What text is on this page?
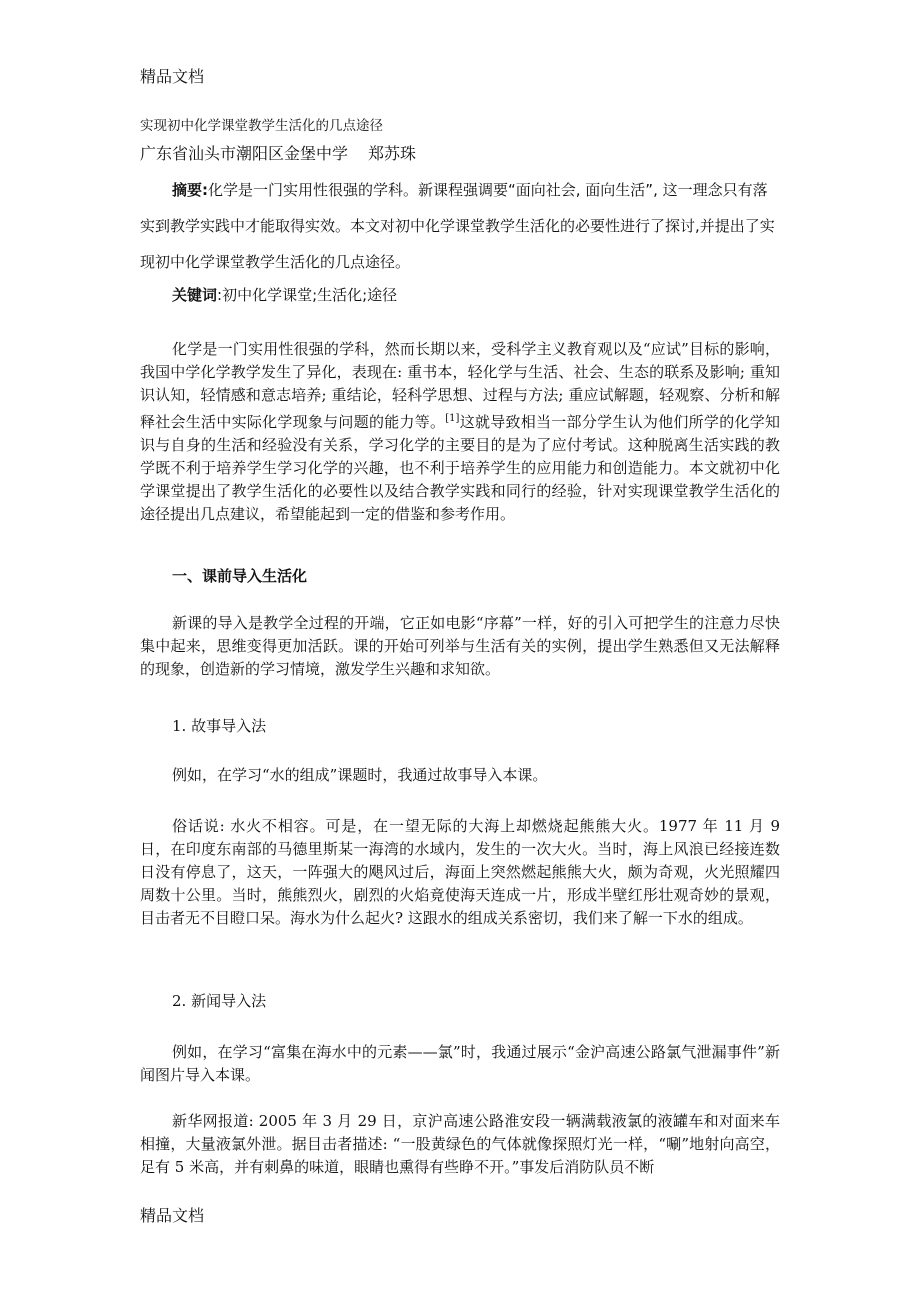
精品文档
实现初中化学课堂教学生活化的几点途径
广东省汕头市潮阳区金堡中学 郑苏珠

摘要:化学是一门实用性很强的学科。新课程强调要“面向社会, 面向生活”, 这一理念只有落实到教学实践中才能取得实效。本文对初中化学课堂教学生活化的必要性进行了探讨,并提出了实现初中化学课堂教学生活化的几点途径。

关键词:初中化学课堂;生活化;途径

化学是一门实用性很强的学科，然而长期以来，受科学主义教育观以及“应试”目标的影响，我国中学化学教学发生了异化，表现在: 重书本，轻化学与生活、社会、生态的联系及影响; 重知识认知，轻情感和意志培养; 重结论，轻科学思想、过程与方法; 重应试解题，轻观察、分析和解释社会生活中实际化学现象与问题的能力等。[1]这就导致相当一部分学生认为他们所学的化学知识与自身的生活和经验没有关系，学习化学的主要目的是为了应付考试。这种脱离生活实践的教学既不利于培养学生学习化学的兴趣，也不利于培养学生的应用能力和创造能力。本文就初中化学课堂提出了教学生活化的必要性以及结合教学实践和同行的经验，针对实现课堂教学生活化的途径提出几点建议，希望能起到一定的借鉴和参考作用。

一、课前导入生活化

新课的导入是教学全过程的开端，它正如电影“序幕”一样，好的引入可把学生的注意力尽快集中起来，思维变得更加活跃。课的开始可列举与生活有关的实例，提出学生熟悉但又无法解释的现象，创造新的学习情境，激发学生兴趣和求知欲。

1. 故事导入法

例如，在学习“水的组成”课题时，我通过故事导入本课。

俗话说: 水火不相容。可是，在一望无际的大海上却燃烧起熊熊大火。1977 年 11 月 9 日，在印度东南部的马德里斯某一海湾的水域内，发生的一次大火。当时，海上风浪已经接连数日没有停息了，这天，一阵强大的飓风过后，海面上突然燃起熊熊大火，颇为奇观，火光照耀四周数十公里。当时，熊熊烈火，剧烈的火焰竟使海天连成一片，形成半壁红彤壮观奇妙的景观，目击者无不目瞪口呆。海水为什么起火? 这跟水的组成关系密切，我们来了解一下水的组成。

2. 新闻导入法

例如，在学习“富集在海水中的元素——氯”时，我通过展示“金沪高速公路氯气泄漏事件”新闻图片导入本课。

新华网报道: 2005 年 3 月 29 日，京沪高速公路淮安段一辆满载液氯的液罐车和对面来车相撞，大量液氯外泄。据目击者描述: “一股黄绿色的气体就像探照灯光一样，“唰”地射向高空，足有 5 米高，并有刺鼻的味道，眼睛也熏得有些睁不开。”事发后消防队员不断

精品文档
